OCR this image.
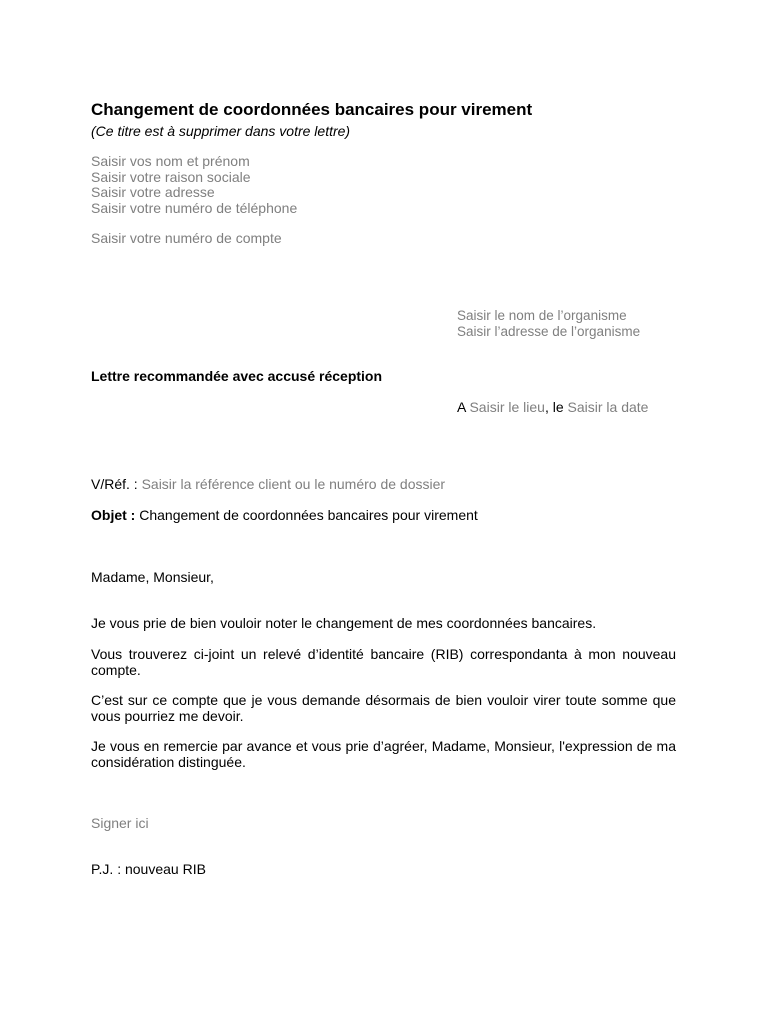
Changement de coordonnées bancaires pour virement
(Ce titre est à supprimer dans votre lettre)
Saisir vos nom et prénom
Saisir votre raison sociale
Saisir votre adresse
Saisir votre numéro de téléphone
Saisir votre numéro de compte
Saisir le nom de l’organisme
Saisir l’adresse de l’organisme
Lettre recommandée avec accusé réception
A Saisir le lieu, le Saisir la date
V/Réf. : Saisir la référence client ou le numéro de dossier
Objet : Changement de coordonnées bancaires pour virement
Madame, Monsieur,
Je vous prie de bien vouloir noter le changement de mes coordonnées bancaires.
Vous trouverez ci-joint un relevé d’identité bancaire (RIB) correspondanta à mon nouveau compte.
C’est sur ce compte que je vous demande désormais de bien vouloir virer toute somme que vous pourriez me devoir.
Je vous en remercie par avance et vous prie d’agréer, Madame, Monsieur, l'expression de ma considération distinguée.
Signer ici
P.J. : nouveau RIB
